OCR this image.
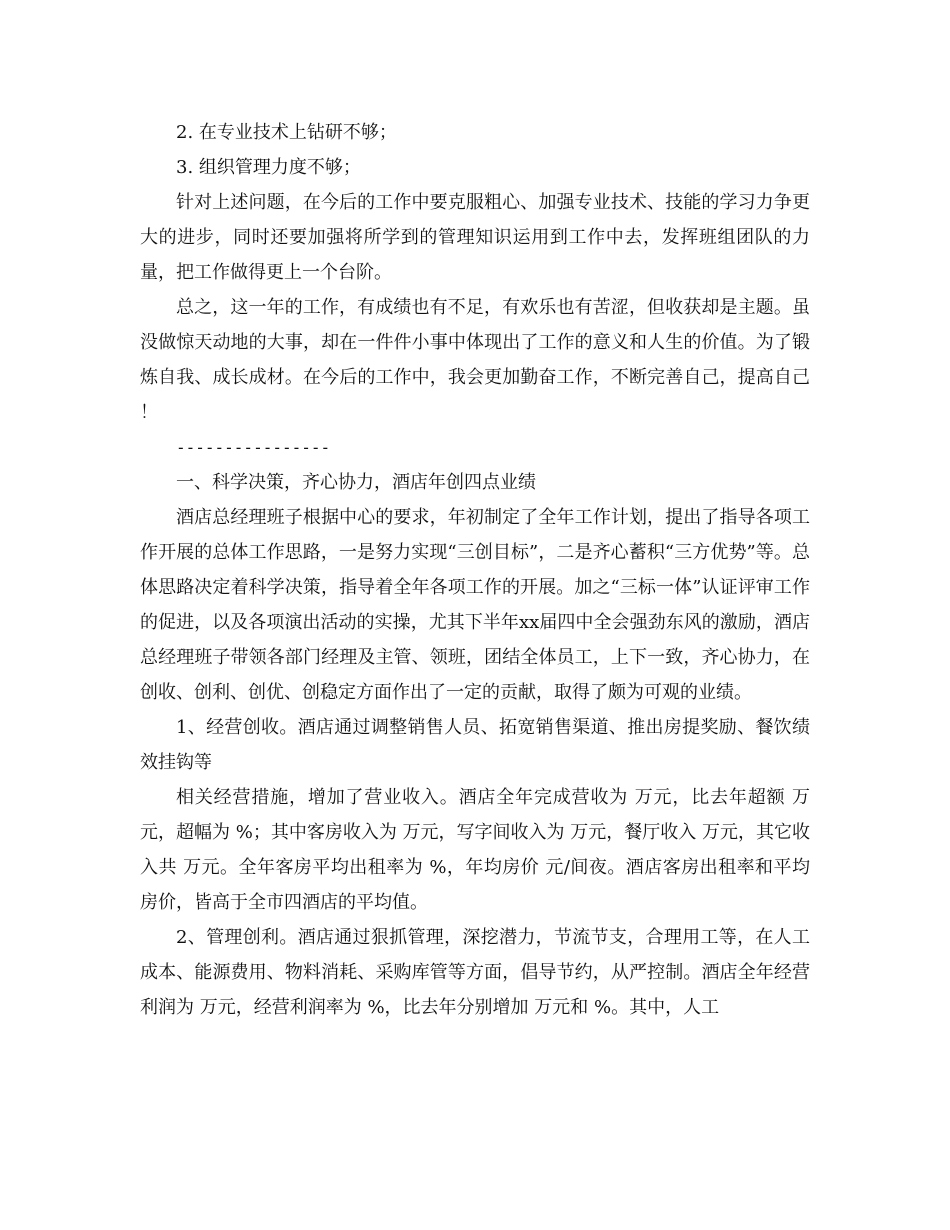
2. 在专业技术上钻研不够；

3. 组织管理力度不够；

针对上述问题，在今后的工作中要克服粗心、加强专业技术、技能的学习力争更大的进步，同时还要加强将所学到的管理知识运用到工作中去，发挥班组团队的力量，把工作做得更上一个台阶。

总之，这一年的工作，有成绩也有不足，有欢乐也有苦涩，但收获却是主题。虽没做惊天动地的大事，却在一件件小事中体现出了工作的意义和人生的价值。为了锻炼自我、成长成材。在今后的工作中，我会更加勤奋工作，不断完善自己，提高自己 ！

----------------

一、科学决策，齐心协力，酒店年创四点业绩

酒店总经理班子根据中心的要求，年初制定了全年工作计划，提出了指导各项工作开展的总体工作思路，一是努力实现“三创目标”，二是齐心蓄积“三方优势”等。总体思路决定着科学决策，指导着全年各项工作的开展。加之“三标一体”认证评审工作的促进，以及各项演出活动的实操，尤其下半年xx届四中全会强劲东风的激励，酒店总经理班子带领各部门经理及主管、领班，团结全体员工，上下一致，齐心协力，在创收、创利、创优、创稳定方面作出了一定的贡献，取得了颇为可观的业绩。

1、经营创收。酒店通过调整销售人员、拓宽销售渠道、推出房提奖励、餐饮绩效挂钩等

相关经营措施，增加了营业收入。酒店全年完成营收为 万元，比去年超额 万元，超幅为 %；其中客房收入为 万元，写字间收入为 万元，餐厅收入 万元，其它收入共 万元。全年客房平均出租率为 %，年均房价 元/间夜。酒店客房出租率和平均房价，皆高于全市四酒店的平均值。

2、管理创利。酒店通过狠抓管理，深挖潜力，节流节支，合理用工等，在人工成本、能源费用、物料消耗、采购库管等方面，倡导节约，从严控制。酒店全年经营利润为 万元，经营利润率为 %，比去年分别增加 万元和 %。其中，人工
